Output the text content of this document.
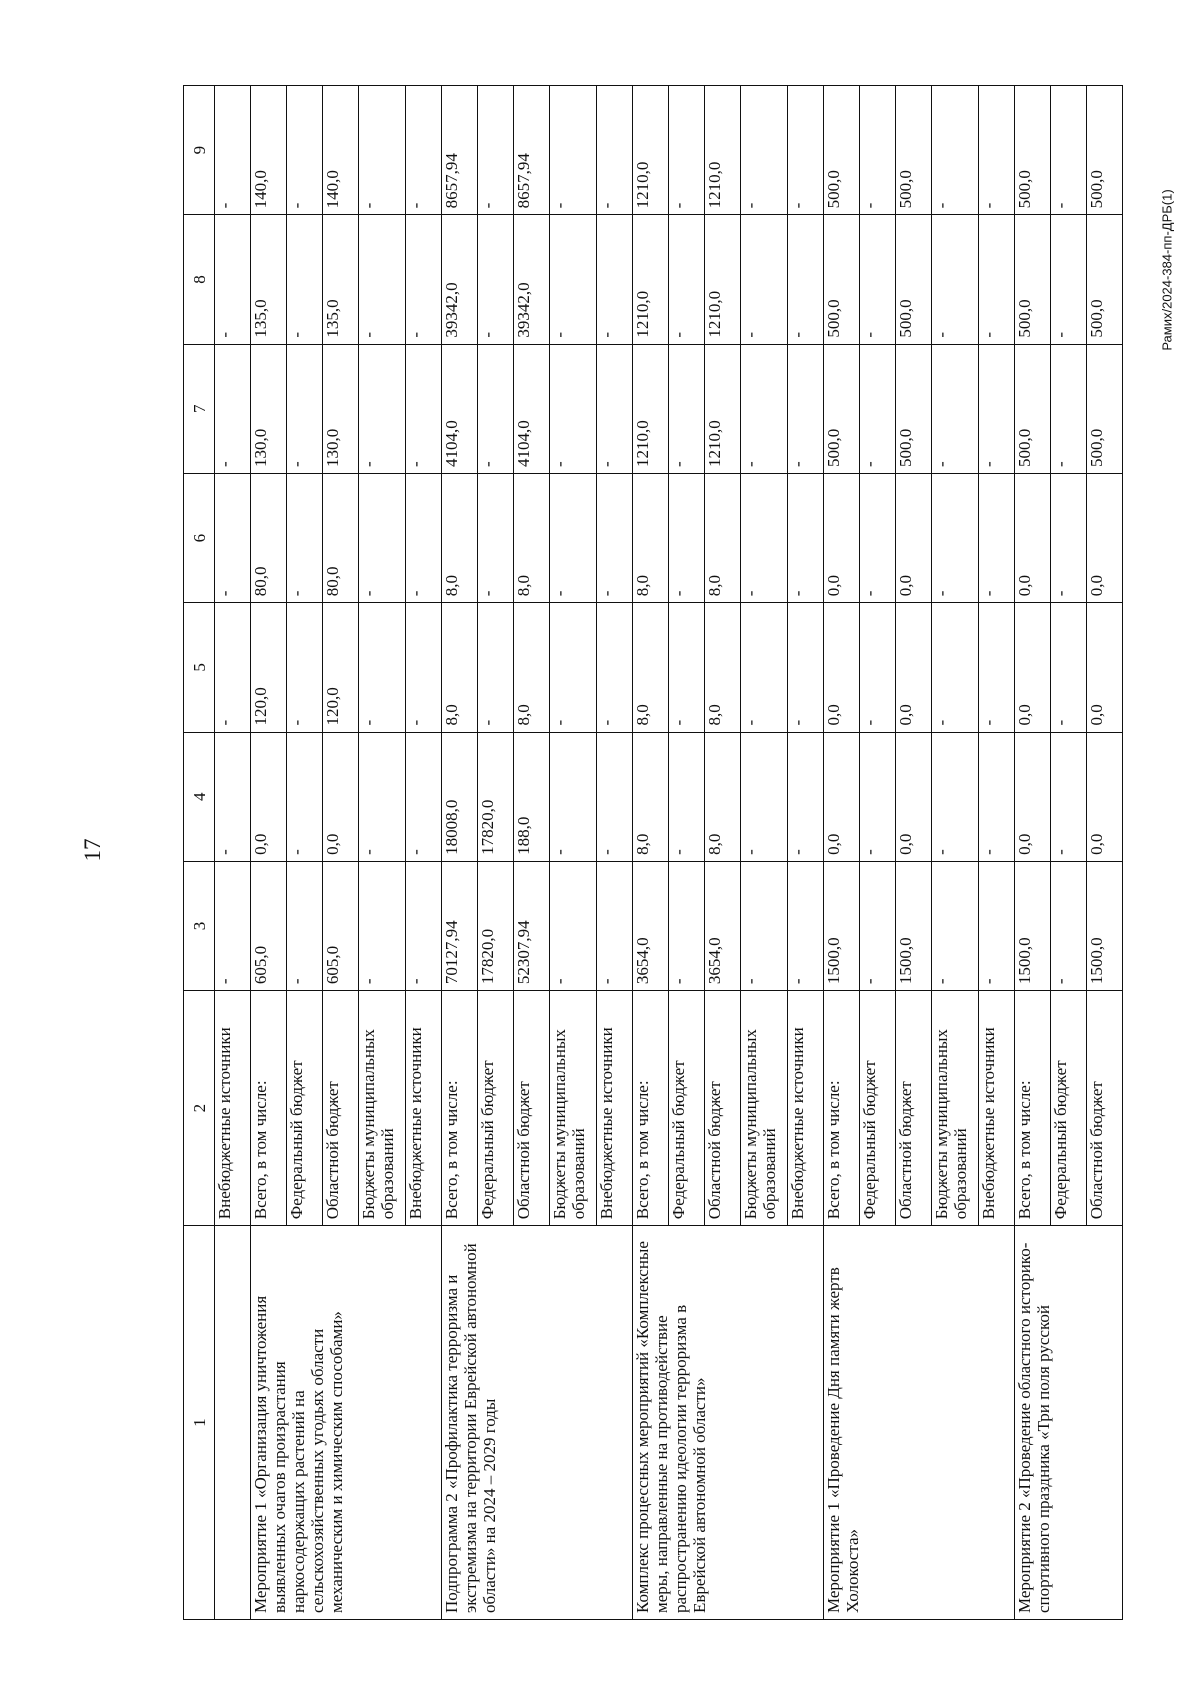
17
Рамих/2024-384-пп-ДРБ(1)
1	2	3	4	5	6	7	8	9
	Внебюджетные источники	-	-	-	-	-	-	-
Мероприятие 1 «Организация уничтожения выявленных очагов произрастания наркосодержащих растений на сельскохозяйственных угодьях области механическим и химическим способами»	Всего, в том числе:	605,0	0,0	120,0	80,0	130,0	135,0	140,0
	Федеральный бюджет	-	-	-	-	-	-	-
	Областной бюджет	605,0	0,0	120,0	80,0	130,0	135,0	140,0
	Бюджеты муниципальных образований	-	-	-	-	-	-	-
	Внебюджетные источники	-	-	-	-	-	-	-
Подпрограмма 2 «Профилактика терроризма и экстремизма на территории Еврейской автономной области» на 2024 – 2029 годы	Всего, в том числе:	70127,94	18008,0	8,0	8,0	4104,0	39342,0	8657,94
	Федеральный бюджет	17820,0	17820,0	-	-	-	-	-
	Областной бюджет	52307,94	188,0	8,0	8,0	4104,0	39342,0	8657,94
	Бюджеты муниципальных образований	-	-	-	-	-	-	-
	Внебюджетные источники	-	-	-	-	-	-	-
Комплекс процессных мероприятий «Комплексные меры, направленные на противодействие распространению идеологии терроризма в Еврейской автономной области»	Всего, в том числе:	3654,0	8,0	8,0	8,0	1210,0	1210,0	1210,0
	Федеральный бюджет	-	-	-	-	-	-	-
	Областной бюджет	3654,0	8,0	8,0	8,0	1210,0	1210,0	1210,0
	Бюджеты муниципальных образований	-	-	-	-	-	-	-
	Внебюджетные источники	-	-	-	-	-	-	-
Мероприятие 1 «Проведение Дня памяти жертв Холокоста»	Всего, в том числе:	1500,0	0,0	0,0	0,0	500,0	500,0	500,0
	Федеральный бюджет	-	-	-	-	-	-	-
	Областной бюджет	1500,0	0,0	0,0	0,0	500,0	500,0	500,0
	Бюджеты муниципальных образований	-	-	-	-	-	-	-
	Внебюджетные источники	-	-	-	-	-	-	-
Мероприятие 2 «Проведение областного историко-спортивного праздника «Три поля русской	Всего, в том числе:	1500,0	0,0	0,0	0,0	500,0	500,0	500,0
	Федеральный бюджет	-	-	-	-	-	-	-
	Областной бюджет	1500,0	0,0	0,0	0,0	500,0	500,0	500,0
